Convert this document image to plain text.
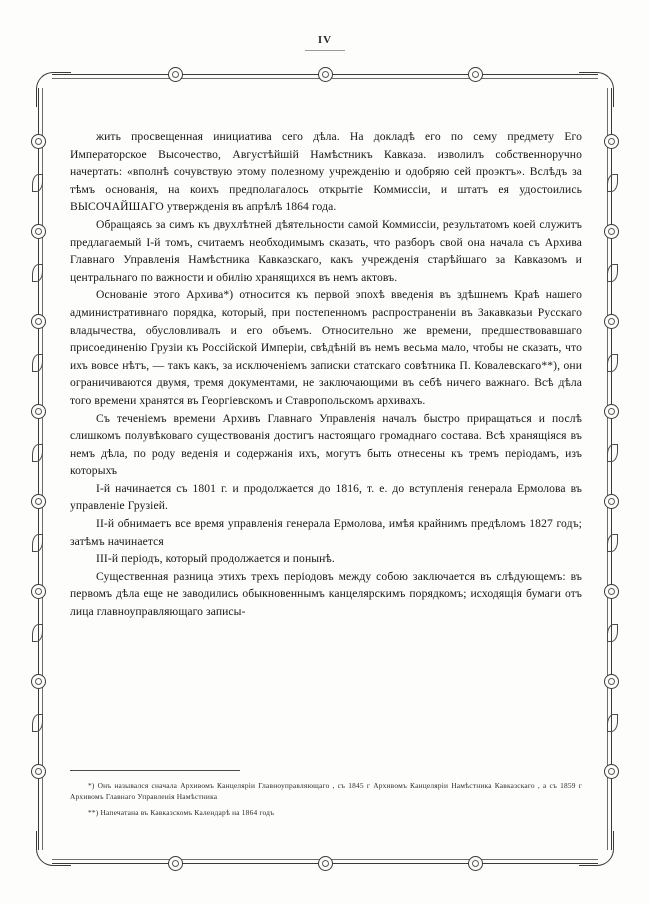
IV

жить просвещенная инициатива сего дѣла. На докладѣ его по сему предмету Его Императорское Высочество, Августѣйшiй Намѣстникъ Кавказа. изволилъ собственноручно начертать: «вполнѣ сочувствую этому полезному учрежденiю и одобряю сей проэктъ». Вслѣдъ за тѣмъ основанiя, на коихъ предполагалось открытiе Коммиссiи, и штатъ ея удостоились ВЫСОЧАЙШАГО утвержденiя въ апрѣлѣ 1864 года.

Обращаясь за симъ къ двухлѣтней дѣятельности самой Коммиссiи, результатомъ коей служитъ предлагаемый I-й томъ, считаемъ необходимымъ сказать, что разборъ свой она начала съ Архива Главнаго Управленiя Намѣстника Кавказскаго, какъ учрежденiя старѣйшаго за Кавказомъ и центральнаго по важности и обилiю хранящихся въ немъ актовъ.

Основанiе этого Архива*) относится къ первой эпохѣ введенiя въ здѣшнемъ Краѣ нашего административнаго порядка, который, при постепенномъ распространенiи въ Закавказьи Русскаго владычества, обусловливалъ и его объемъ. Относительно же времени, предшествовавшаго присоединенiю Грузiи къ Россiйской Имперiи, свѣдѣнiй въ немъ весьма мало, чтобы не сказать, что ихъ вовсе нѣтъ, — такъ какъ, за исключенiемъ записки статскаго совѣтника П. Ковалевскаго**), они ограничиваются двумя, тремя документами, не заключающими въ себѣ ничего важнаго. Всѣ дѣла того времени хранятся въ Георгiевскомъ и Ставропольскомъ архивахъ.

Съ теченiемъ времени Архивъ Главнаго Управленiя началъ быстро приращаться и послѣ слишкомъ полувѣковаго существованiя достигъ настоящаго громаднаго состава. Всѣ хранящiяся въ немъ дѣла, по роду веденiя и содержанiя ихъ, могутъ быть отнесены къ тремъ перiодамъ, изъ которыхъ

I-й начинается съ 1801 г. и продолжается до 1816, т. е. до вступленiя генерала Ермолова въ управленiе Грузiей.

II-й обнимаетъ все время управленiя генерала Ермолова, имѣя крайнимъ предѣломъ 1827 годъ; затѣмъ начинается

III-й перiодъ, который продолжается и понынѣ.

Существенная разница этихъ трехъ перiодовъ между собою заключается въ слѣдующемъ: въ первомъ дѣла еще не заводились обыкновеннымъ канцелярскимъ порядкомъ; исходящiя бумаги отъ лица главноуправляющаго записы-

*) Онъ назывался сначала Архивомъ Канцелярiи Главноуправляющаго , съ 1845 г Архивомъ Канцелярiи Намѣстника Кавказскаго , а съ 1859 г Архивомъ Главнаго Управленiя Намѣстника

**) Напечатана въ Кавказскомъ Календарѣ на 1864 годъ
